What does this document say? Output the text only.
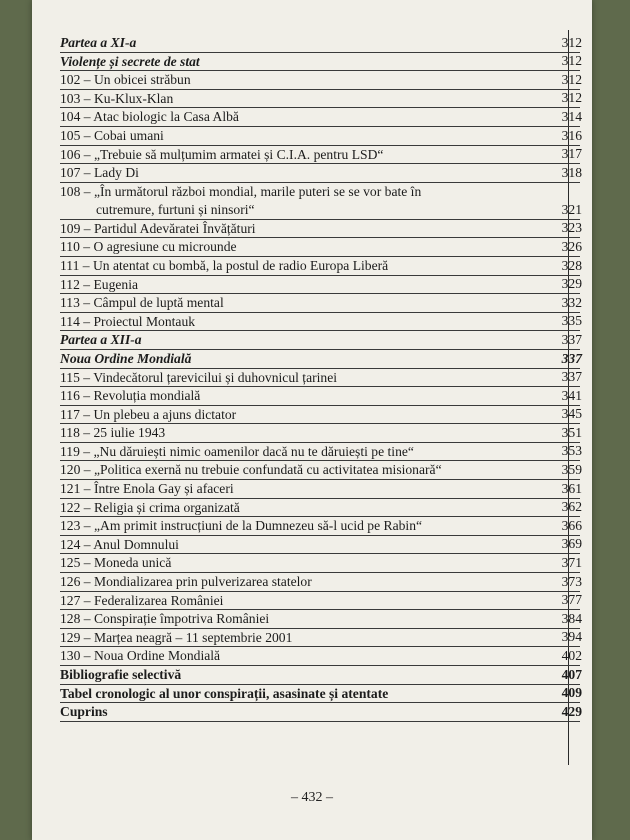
Partea a XI-a	312
Violențe și secrete de stat	312
102 – Un obicei străbun	312
103 – Ku-Klux-Klan	312
104 – Atac biologic la Casa Albă	314
105 – Cobai umani	316
106 – „Trebuie să mulțumim armatei și C.I.A. pentru LSD“	317
107 – Lady Di	318
108 – „În următorul război mondial, marile puteri se se vor bate în
cutremure, furtuni și ninsori“	321
109 – Partidul Adevăratei Învățături	323
110 – O agresiune cu microunde	326
111 – Un atentat cu bombă, la postul de radio Europa Liberă	328
112 – Eugenia	329
113 – Câmpul de luptă mental	332
114 – Proiectul Montauk	335
Partea a XII-a	337
Noua Ordine Mondială	337
115 – Vindecătorul țarevicilui și duhovnicul țarinei	337
116 – Revoluția mondială	341
117 – Un plebeu a ajuns dictator	345
118 – 25 iulie 1943	351
119 – „Nu dăruiești nimic oamenilor dacă nu te dăruiești pe tine“	353
120 – „Politica exernă nu trebuie confundată cu activitatea misionară“	359
121 – Între Enola Gay și afaceri	361
122 – Religia și crima organizată	362
123 – „Am primit instrucțiuni de la Dumnezeu să-l ucid pe Rabin“	366
124 – Anul Domnului	369
125 – Moneda unică	371
126 – Mondializarea prin pulverizarea statelor	373
127 – Federalizarea României	377
128 – Conspirație împotriva României	384
129 – Marțea neagră – 11 septembrie 2001	394
130 – Noua Ordine Mondială	402
Bibliografie selectivă	407
Tabel cronologic al unor conspirații, asasinate și atentate	409
Cuprins	429
– 432 –
